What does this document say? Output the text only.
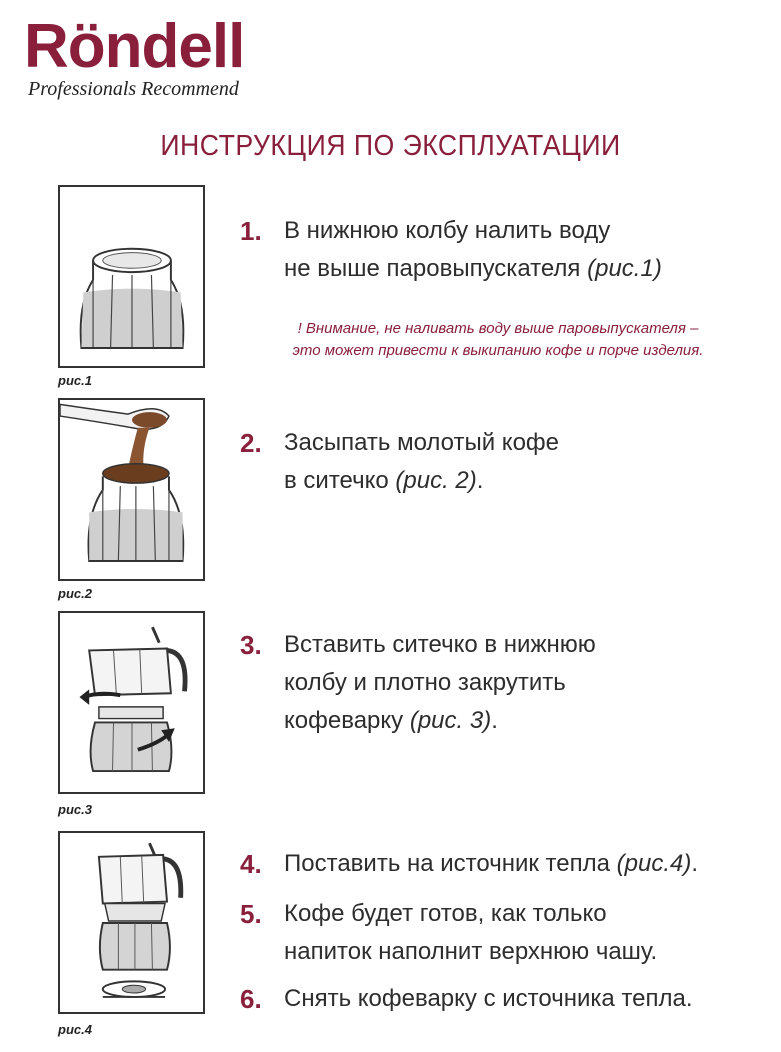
Röndell
Professionals Recommend
ИНСТРУКЦИЯ ПО ЭКСПЛУАТАЦИИ
рис.1
рис.2
рис.3
рис.4
1. В нижнюю колбу налить воду
не выше паровыпускателя (рис.1)
! Внимание, не наливать воду выше паровыпускателя –
это может привести к выкипанию кофе и порче изделия.
2. Засыпать молотый кофе
в ситечко (рис. 2).
3. Вставить ситечко в нижнюю
колбу и плотно закрутить
кофеварку (рис. 3).
4. Поставить на источник тепла (рис.4).
5. Кофе будет готов, как только
напиток наполнит верхнюю чашу.
6. Снять кофеварку с источника тепла.
